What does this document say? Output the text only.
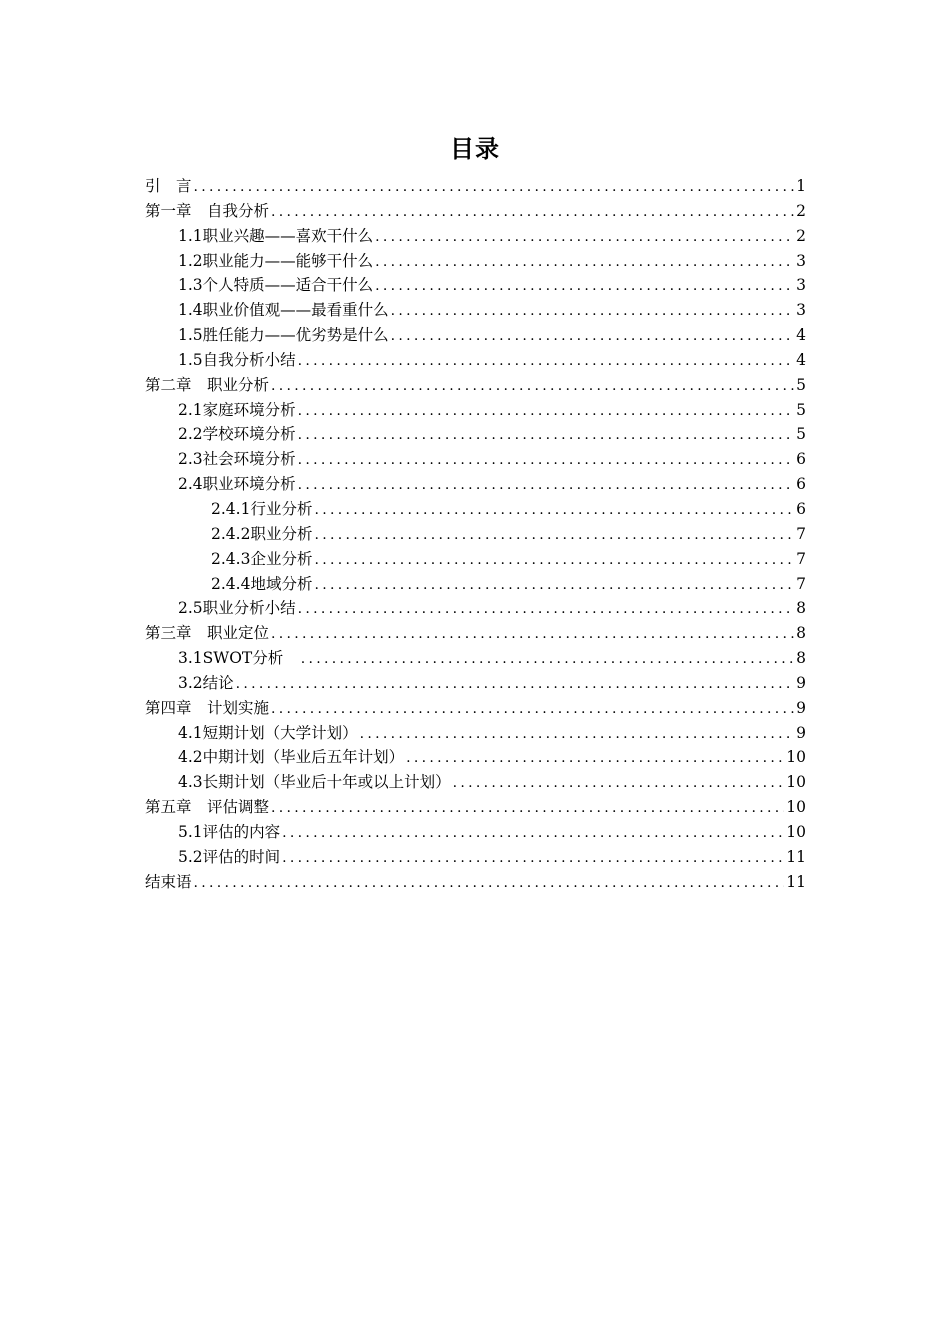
目录
引　言 .....	1
第一章　自我分析 .....	2
1.1职业兴趣——喜欢干什么 .....	2
1.2职业能力——能够干什么 .....	3
1.3个人特质——适合干什么 .....	3
1.4职业价值观——最看重什么 .....	3
1.5胜任能力——优劣势是什么 .....	4
1.5自我分析小结 .....	4
第二章　职业分析 .....	5
2.1家庭环境分析 .....	5
2.2学校环境分析 .....	5
2.3社会环境分析 .....	6
2.4职业环境分析 .....	6
2.4.1行业分析 .....	6
2.4.2职业分析 .....	7
2.4.3企业分析 .....	7
2.4.4地域分析 .....	7
2.5职业分析小结 .....	8
第三章　职业定位 .....	8
3.1SWOT分析　 .....	8
3.2结论 .....	9
第四章　计划实施 .....	9
4.1短期计划（大学计划） .....	9
4.2中期计划（毕业后五年计划） .....	10
4.3长期计划（毕业后十年或以上计划） .....	10
第五章　评估调整 .....	10
5.1评估的内容 .....	10
5.2评估的时间 .....	11
结束语 .....	11
